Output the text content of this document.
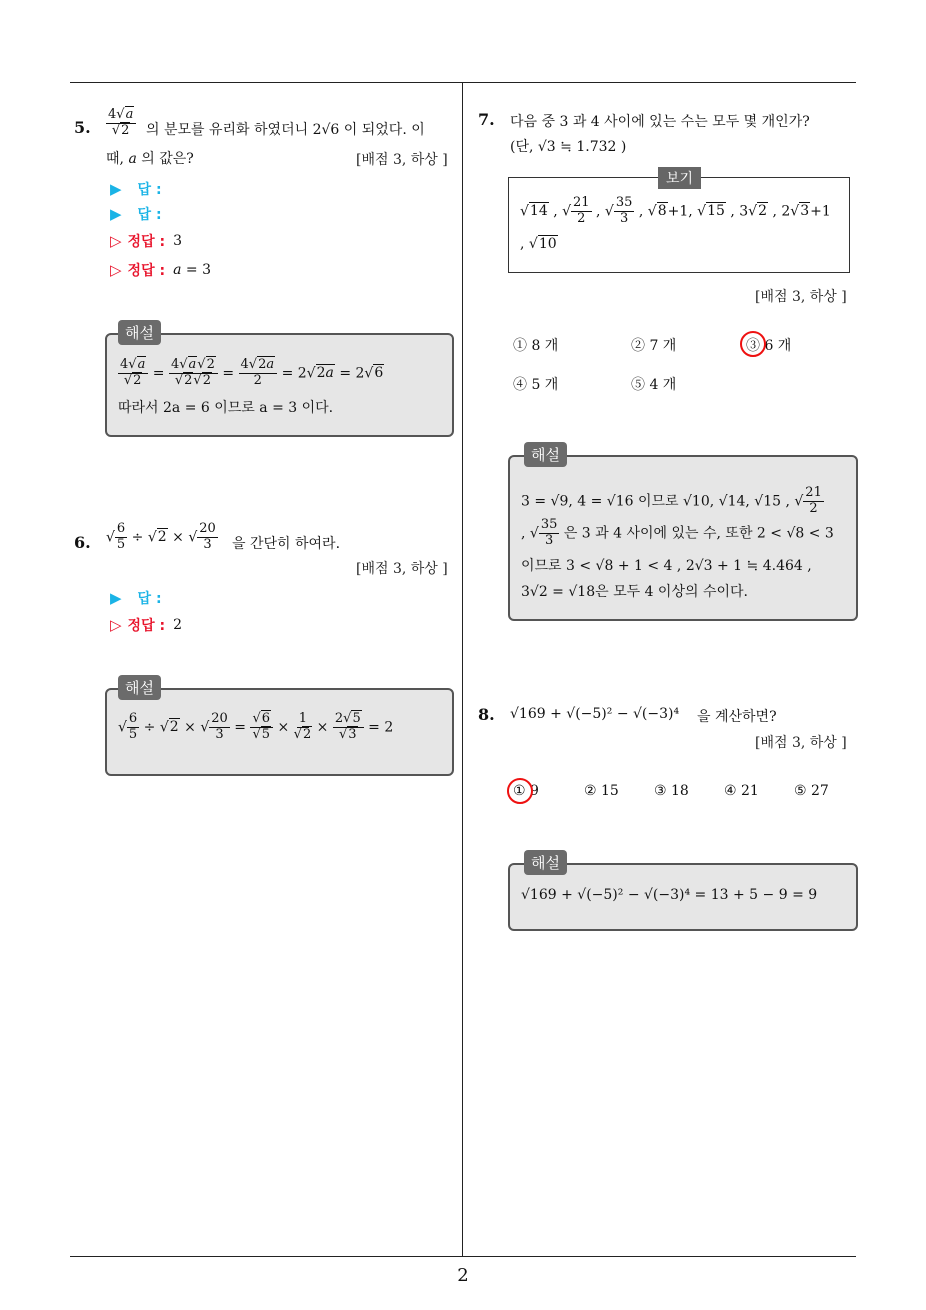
5. $\frac{4√a}{√2}$ 의 분모를 유리화 하였더니 2√6 이 되었다. 이
때, a 의 값은?	[배점 3, 하상 ]
▶ 답 :
▶ 답 :
▷ 정답 : 3
▷ 정답 : a = 3
해설
$\frac{4√a}{√2} = \frac{4√a√2}{√2√2} = \frac{4√2a}{2} = 2√2a = 2√6$
따라서 2a = 6 이므로 a = 3 이다.
6. √ $\frac{6}{5} \div √2$ × √ $\frac{20}{3}$ 을 간단히 하여라.
[배점 3, 하상 ]
▶ 답 :
▷ 정답 : 2
해설
√ $\frac{6}{5} \div √2$ × √ $\frac{20}{3} = \frac{√6}{√5} \times \frac{1}{√2} \times \frac{2√5}{√3} = 2$
7. 다음 중 3 과 4 사이에 있는 수는 모두 몇 개인가?
(단, √3 ≒ 1.732 )
보기
√14 , √ $\frac{21}{2}$ , √ $\frac{35}{3}$ , √8+1, √15 , 3√2 , 2√3+1
, √10
[배점 3, 하상 ]
① 8 개	② 7 개	③ 6 개
④ 5 개	⑤ 4 개
해설
3 = √9, 4 = √16 이므로 √10, √14, √15 , √ $\frac{21}{2}$
, √ $\frac{35}{3}$ 은 3 과 4 사이에 있는 수, 또한 2 < √8 < 3
이므로 3 < √8 + 1 < 4 , 2√3 + 1 ≒ 4.464 ,
3√2 = √18은 모두 4 이상의 수이다.
8. √169 + √(−5)² − √(−3)⁴ 을 계산하면?
[배점 3, 하상 ]
① 9	② 15	③ 18	④ 21	⑤ 27
해설
√169 + √(−5)² − √(−3)⁴ = 13 + 5 − 9 = 9
2
